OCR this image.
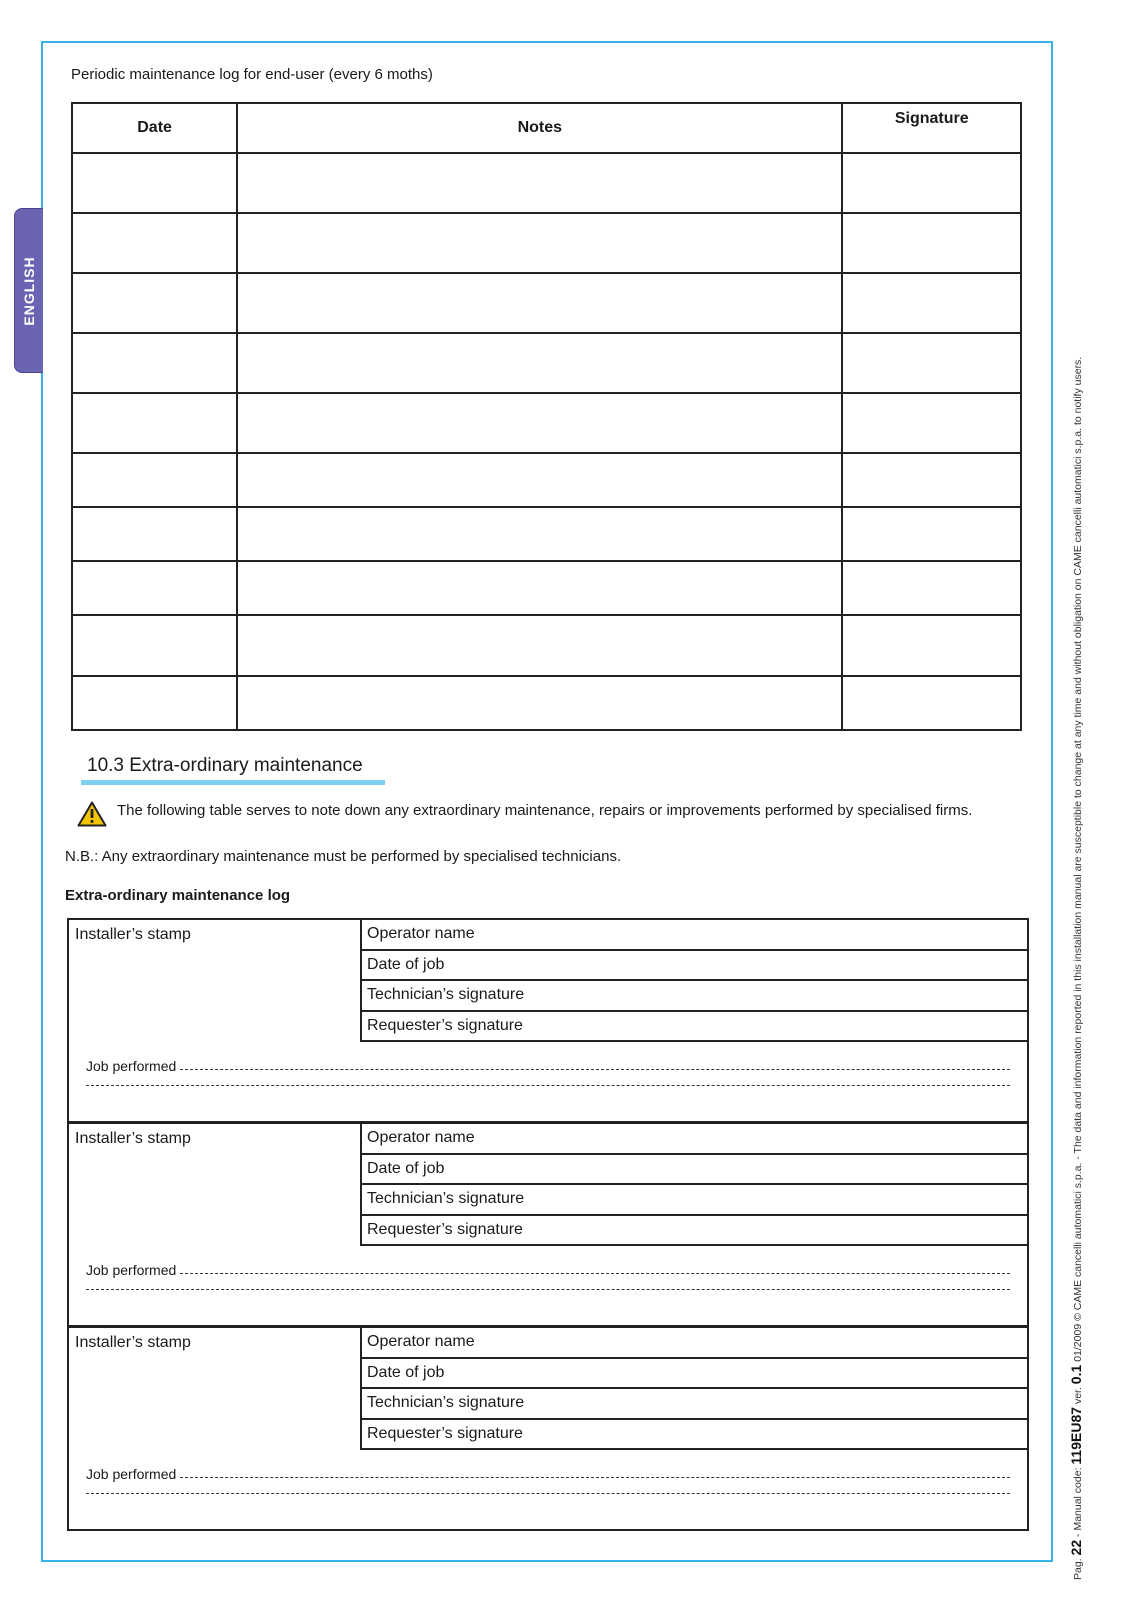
ENGLISH
Periodic maintenance log for end-user (every 6 moths)
Date	Notes	Signature

10.3 Extra-ordinary maintenance
The following table serves to note down any extraordinary maintenance, repairs or improvements performed by specialised firms.
N.B.: Any extraordinary maintenance must be performed by specialised technicians.
Extra-ordinary maintenance log
Installer’s stamp	Operator name
Date of job
Technician’s signature
Requester’s signature
Job performed
Installer’s stamp	Operator name
Date of job
Technician’s signature
Requester’s signature
Job performed
Installer’s stamp	Operator name
Date of job
Technician’s signature
Requester’s signature
Job performed
Pag. 22 - Manual code: 119EU87 ver. 0.1 01/2009 © CAME cancelli automatici s.p.a. - The data and information reported in this installation manual are susceptible to change at any time and without obligation on CAME cancelli automatici s.p.a. to notify users.
